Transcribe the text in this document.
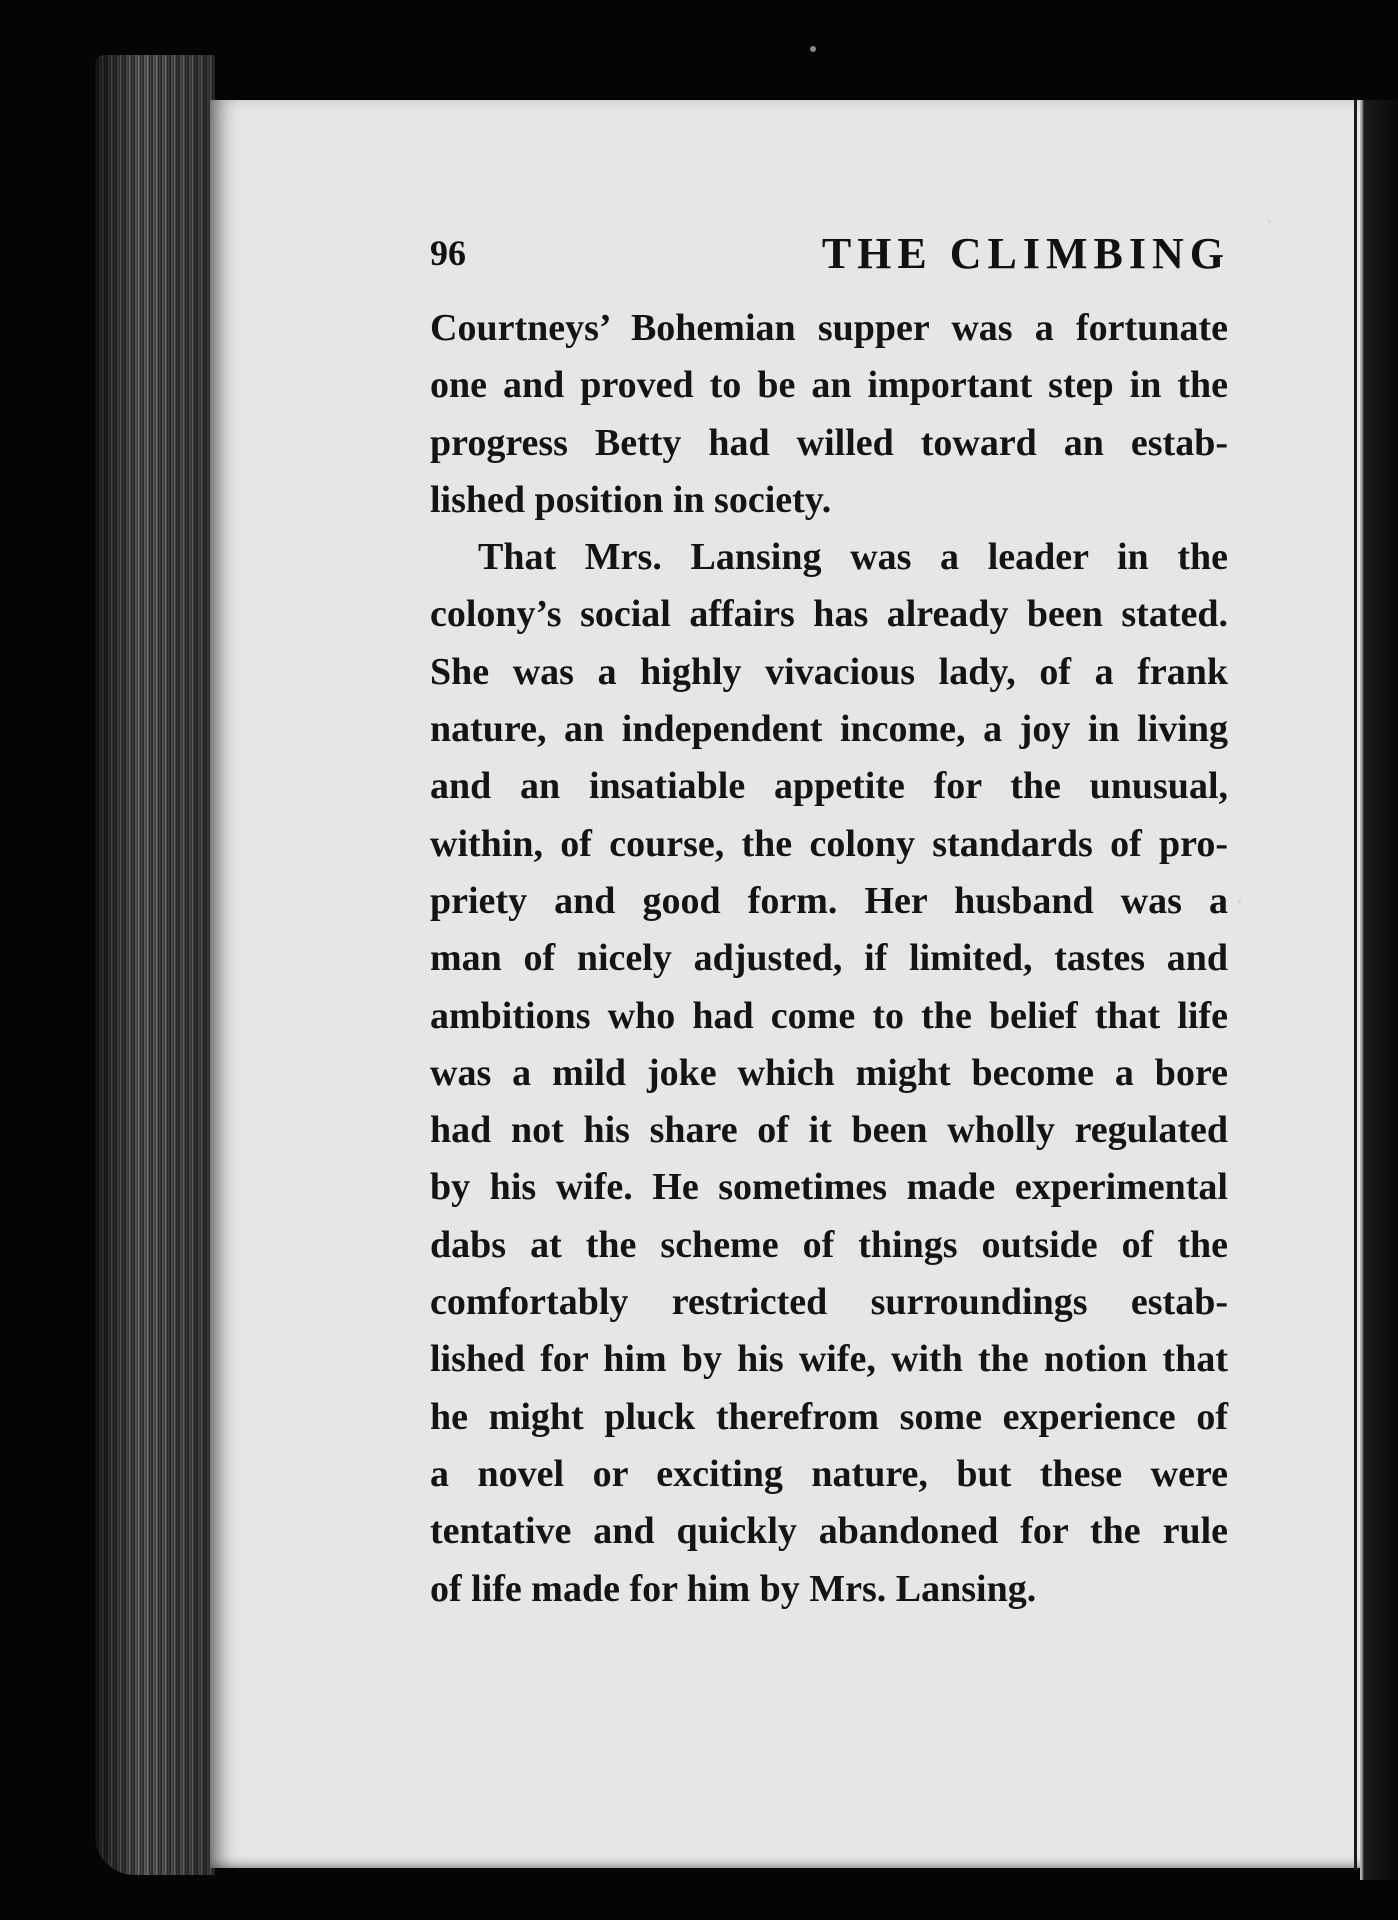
96	THE CLIMBING
Courtneys’ Bohemian supper was a fortunate
one and proved to be an important step in the
progress Betty had willed toward an estab-
lished position in society.
That Mrs. Lansing was a leader in the
colony’s social affairs has already been stated.
She was a highly vivacious lady, of a frank
nature, an independent income, a joy in living
and an insatiable appetite for the unusual,
within, of course, the colony standards of pro-
priety and good form. Her husband was a
man of nicely adjusted, if limited, tastes and
ambitions who had come to the belief that life
was a mild joke which might become a bore
had not his share of it been wholly regulated
by his wife. He sometimes made experimental
dabs at the scheme of things outside of the
comfortably restricted surroundings estab-
lished for him by his wife, with the notion that
he might pluck therefrom some experience of
a novel or exciting nature, but these were
tentative and quickly abandoned for the rule
of life made for him by Mrs. Lansing.
